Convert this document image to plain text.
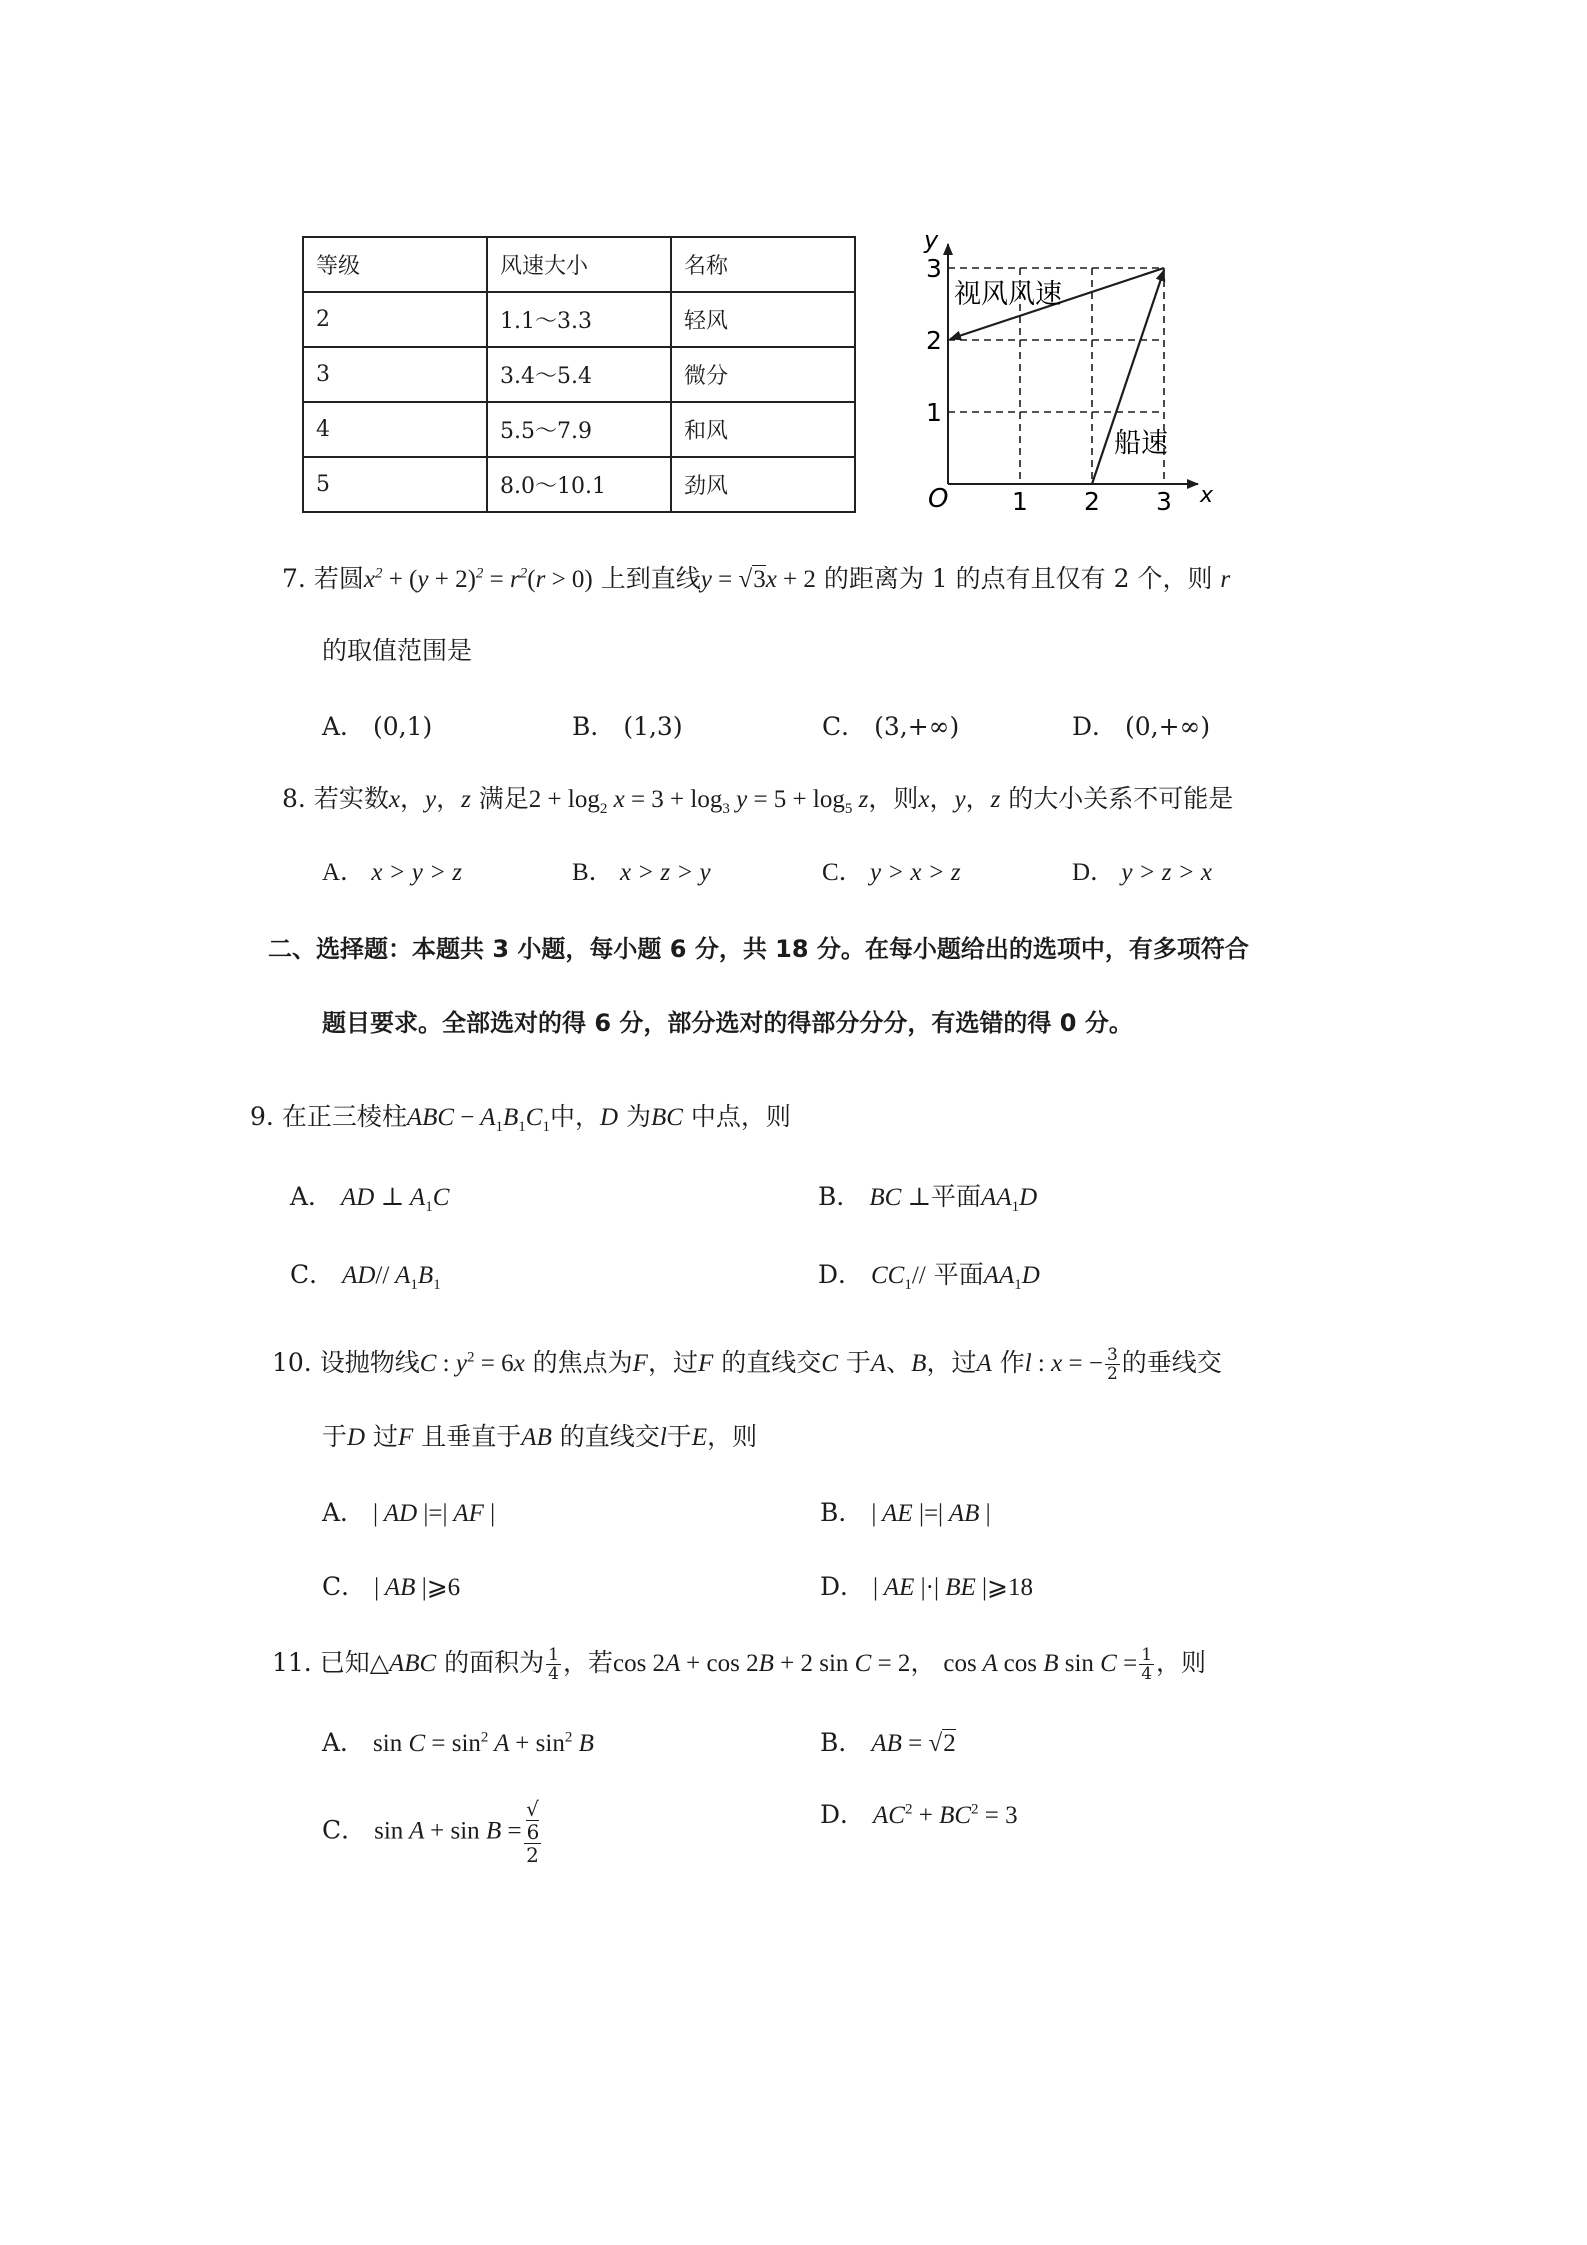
等级	风速大小	名称
2	1.1～3.3	轻风
3	3.4～5.4	微分
4	5.5～7.9	和风
5	8.0～10.1	劲风
y
x
O	1 2 3
1
2
3
视风风速
船速
7. 若圆$x^2 + (y + 2)^2 = r^2(r > 0)$ 上到直线y = √3x + 2 的距离为 1 的点有且仅有 2 个，则 r
的取值范围是
A． (0,1)	B． (1,3)	C． (3,+∞)	D． (0,+∞)
8. 若实数x，y，z 满足$2 + \log_2 x = 3 + \log_3 y = 5 + \log_5 z$，则x，y，z 的大小关系不可能是
A． x > y > z	B． x > z > y	C． y > x > z	D． y > z > x
二、选择题：本题共 3 小题，每小题 6 分，共 18 分。在每小题给出的选项中，有多项符合
题目要求。全部选对的得 6 分，部分选对的得部分分分，有选错的得 0 分。
9. 在正三棱柱ABC − $A_1B_1C_1$中，D 为BC 中点，则
A． AD ⊥ $A_1C$	B． BC ⊥平面$AA_1D$
C． AD// $A_1B_1$	D． $CC_1//$ 平面$AA_1D$
10. 设抛物线C : $y^2 = 6x$ 的焦点为F，过F 的直线交C 于A、B，过A 作l : x = − $\frac{3}{2}$ 的垂线交
于D 过F 且垂直于AB 的直线交l于E，则
A． | AD |=| AF |	B． | AE |=| AB |
C． | AB |⩾6	D． | AE |·| BE |⩾18
11. 已知△ABC 的面积为 $\frac{1}{4}$ ，若cos 2A + cos 2B + 2 sin C = 2， cos A cos B $\sin C = \frac{1}{4}$ ，则
A． $\sin C = \sin^2 A + \sin^2 B$	B． AB = √2
C． sin A + sin B = √
6
2	D． $AC^2 + BC^2 = 3$
